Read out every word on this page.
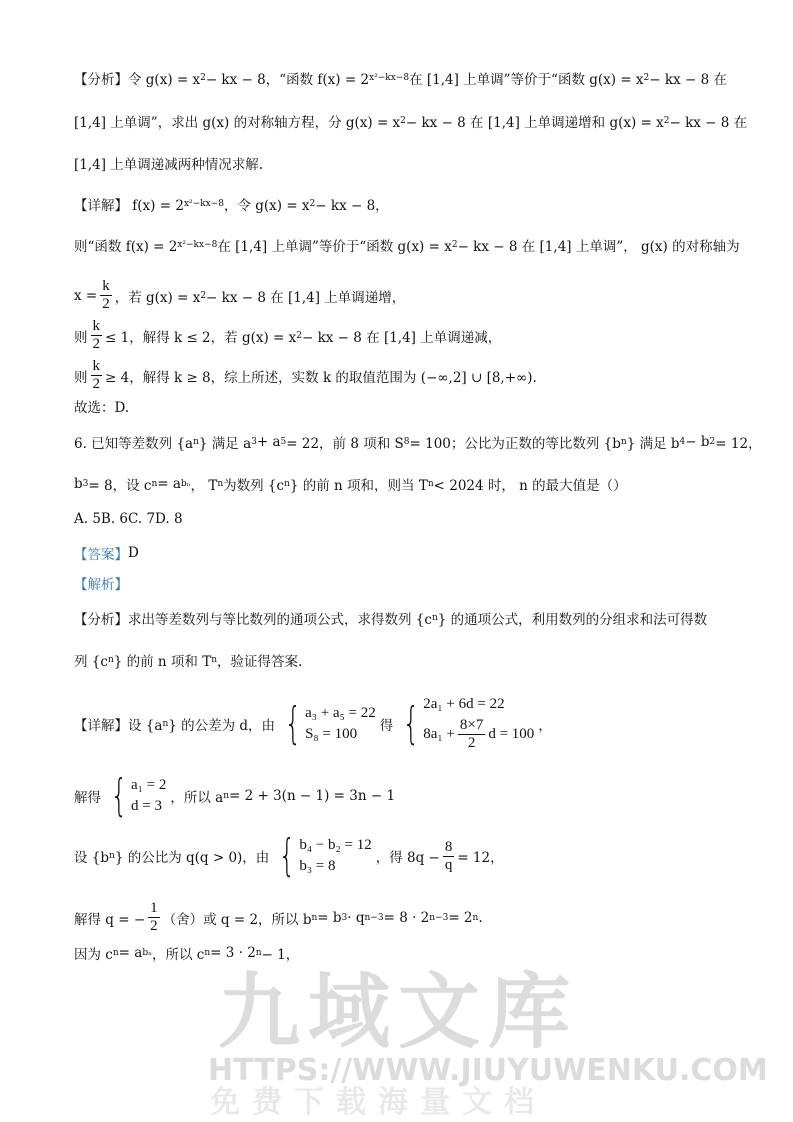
【分析】令 g(x) = x 2 − kx − 8，“函数 f(x) = 2 x²−kx−8 在 [1,4] 上单调”等价于“函数 g(x) = x 2 − kx − 8 在
[1,4] 上单调”，求出 g(x) 的对称轴方程，分 g(x) = x 2 − kx − 8 在 [1,4] 上单调递增和 g(x) = x 2 − kx − 8 在
[1,4] 上单调递减两种情况求解.
【详解】 f(x) = 2 x²−kx−8 ，令 g(x) = x 2 − kx − 8，
则“函数 f(x) = 2 x²−kx−8 在 [1,4] 上单调”等价于“函数 g(x) = x 2 − kx − 8 在 [1,4] 上单调”， g(x) 的对称轴为
$x = \frac{k}{2}$ ，若 g(x) = x 2 − kx − 8 在 [1,4] 上单调递增，
则 $\frac{k}{2} \le 1$，解得 k ≤ 2，若 g(x) = x 2 − kx − 8 在 [1,4] 上单调递减，
则 $\frac{k}{2} \ge 4$，解得 k ≥ 8，综上所述，实数 k 的取值范围为 (−∞,2] ∪ [8,+∞).
故选：D.
6. 已知等差数列 {a n } 满足 a 3 + a 5 = 22，前 8 项和 S 8 = 100；公比为正数的等比数列 {b n } 满足 b 4 − b 2 = 12，
b 3 = 8，设 c n = a bₙ ， T n 为数列 {c n } 的前 n 项和，则当 T n < 2024 时， n 的最大值是（）
A. 5B. 6C. 7D. 8
【答案】 D
【解析】
【分析】求出等差数列与等比数列的通项公式，求得数列 {c n } 的通项公式，利用数列的分组求和法可得数
列 {c n } 的前 n 项和 T n ，验证得答案.
【详解】设 {a n } 的公差为 d，由 { a₃ + a₅ = 22
S₈ = 100 得 { 2a₁ + 6d = 22
$8a_1 + \frac{8\times 7}{2}$ d = 100 ，
解得 { a₁ = 2
d = 3 ，所以 a n = 2 + 3(n − 1) = 3n − 1
设 {b n } 的公比为 q(q > 0)，由 { b₄ − b₂ = 12
b₃ = 8	，得 $8q - \frac{8}{q} = 12$，
解得 q = − $\frac{1}{2}$ （舍）或 q = 2，所以 b n = b 3 · q n−3 = 8 · 2 n−3 = 2 n .
因为 c n = a bₙ ，所以 c n = 3 · 2 n − 1，
九域文库
HTTPS://WWW.JIUYUWENKU.COM
免费下载海量文档
